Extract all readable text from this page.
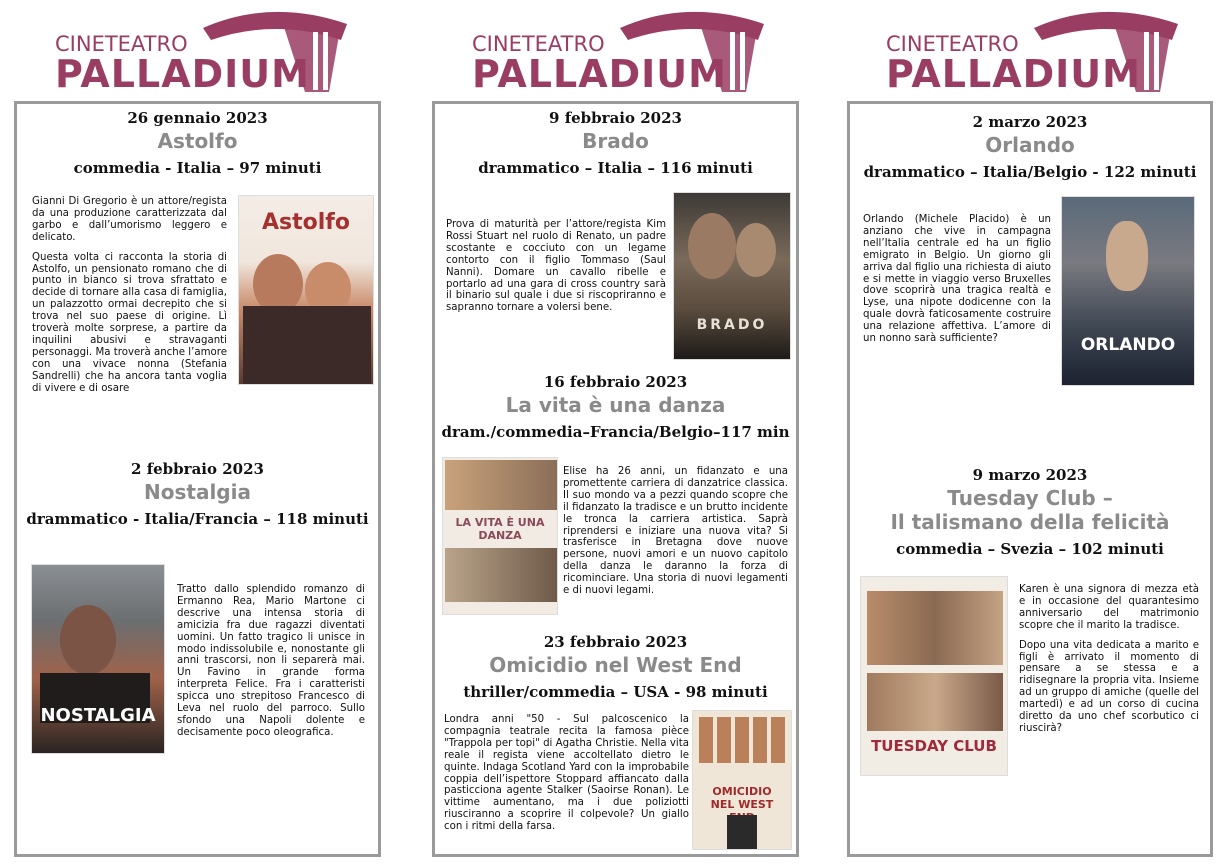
CINETEATRO
PALLADIUM
CINETEATRO
PALLADIUM
CINETEATRO
PALLADIUM
26 gennaio 2023
Astolfo
commedia - Italia – 97 minuti

Gianni Di Gregorio è un attore/regista da una produzione caratterizzata dal garbo e dall’umorismo leggero e delicato.

Questa volta ci racconta la storia di Astolfo, un pensionato romano che di punto in bianco si trova sfrattato e decide di tornare alla casa di famiglia, un palazzotto ormai decrepito che si trova nel suo paese di origine. Lì troverà molte sorprese, a partire da inquilini abusivi e stravaganti personaggi. Ma troverà anche l’amore con una vivace nonna (Stefania Sandrelli) che ha ancora tanta voglia di vivere e di osare

Astolfo
2 febbraio 2023
Nostalgia
drammatico - Italia/Francia – 118 minuti
NOSTALGIA

Tratto dallo splendido romanzo di Ermanno Rea, Mario Martone ci descrive una intensa storia di amicizia fra due ragazzi diventati uomini. Un fatto tragico li unisce in modo indissolubile e, nonostante gli anni trascorsi, non li separerà mai. Un Favino in grande forma interpreta Felice. Fra i caratteristi spicca uno strepitoso Francesco di Leva nel ruolo del parroco. Sullo sfondo una Napoli dolente e decisamente poco oleografica.

9 febbraio 2023
Brado
drammatico – Italia – 116 minuti

Prova di maturità per l’attore/regista Kim Rossi Stuart nel ruolo di Renato, un padre scostante e cocciuto con un legame contorto con il figlio Tommaso (Saul Nanni). Domare un cavallo ribelle e portarlo ad una gara di cross country sarà il binario sul quale i due si riscopriranno e sapranno tornare a volersi bene.

BRADO
16 febbraio 2023
La vita è una danza
dram./commedia–Francia/Belgio–117 min
LA VITA È UNA DANZA

Elise ha 26 anni, un fidanzato e una promettente carriera di danzatrice classica. Il suo mondo va a pezzi quando scopre che il fidanzato la tradisce e un brutto incidente le tronca la carriera artistica. Saprà riprendersi e iniziare una nuova vita? Si trasferisce in Bretagna dove nuove persone, nuovi amori e un nuovo capitolo della danza le daranno la forza di ricominciare. Una storia di nuovi legamenti e di nuovi legami.

23 febbraio 2023
Omicidio nel West End
thriller/commedia – USA - 98 minuti

Londra anni "50 - Sul palcoscenico la compagnia teatrale recita la famosa pièce "Trappola per topi" di Agatha Christie. Nella vita reale il regista viene accoltellato dietro le quinte. Indaga Scotland Yard con la improbabile coppia dell’ispettore Stoppard affiancato dalla pasticciona agente Stalker (Saoirse Ronan). Le vittime aumentano, ma i due poliziotti riusciranno a scoprire il colpevole? Un giallo con i ritmi della farsa.

OMICIDIO NEL WEST
2 marzo 2023
Orlando
drammatico – Italia/Belgio - 122 minuti

Orlando (Michele Placido) è un anziano che vive in campagna nell’Italia centrale ed ha un figlio emigrato in Belgio. Un giorno gli arriva dal figlio una richiesta di aiuto e si mette in viaggio verso Bruxelles dove scoprirà una tragica realtà e Lyse, una nipote dodicenne con la quale dovrà faticosamente costruire una relazione affettiva. L’amore di un nonno sarà sufficiente?	ORLANDO
9 marzo 2023
Tuesday Club –
Il talismano della felicità
commedia – Svezia – 102 minuti
TUESDAY CLUB

Karen è una signora di mezza età e in occasione del quarantesimo anniversario del matrimonio scopre che il marito la tradisce.

Dopo una vita dedicata a marito e figli è arrivato il momento di pensare a se stessa e a ridisegnare la propria vita. Insieme ad un gruppo di amiche (quelle del martedì) e ad un corso di cucina diretto da uno chef scorbutico ci riuscirà?
